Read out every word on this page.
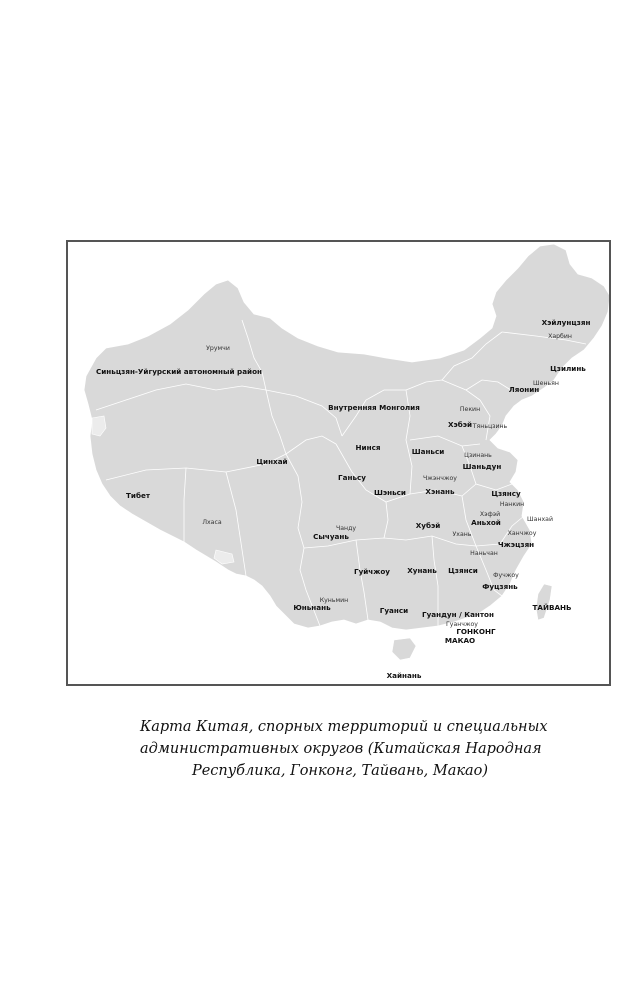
Синьцзян-Уйгурский автономный район
Тибет
Цинхай
Ганьсу
Нинся
Внутренняя Монголия
Хэйлунцзян
Цзилинь
Ляонин
Хэбэй
Шаньси
Шаньдун
Шэньси	Хэнань	Цзянсу
Аньхой
Хубэй
Сычуань
Чжэцзян
Гуйчжоу Хунань Цзянси
Фуцзянь
Юньнань	Гуанси Гуандун / Кантон
ТАЙВАНЬ
ГОНКОНГ
МАКАО
Хайнань
Урумчи
Харбин
Шеньян
Пекин
Тяньцзинь
Цзинань
Чжэнчжоу
Нанкин
Хэфэй
Шанхай
Ханчжоу
Ухань
Чанду
Лхаса
Наньчан
Фучжоу
Куньмин
Гуанчжоу
Карта Китая, спорных территорий и специальных
административных округов (Китайская Народная
Республика, Гонконг, Тайвань, Макао)
